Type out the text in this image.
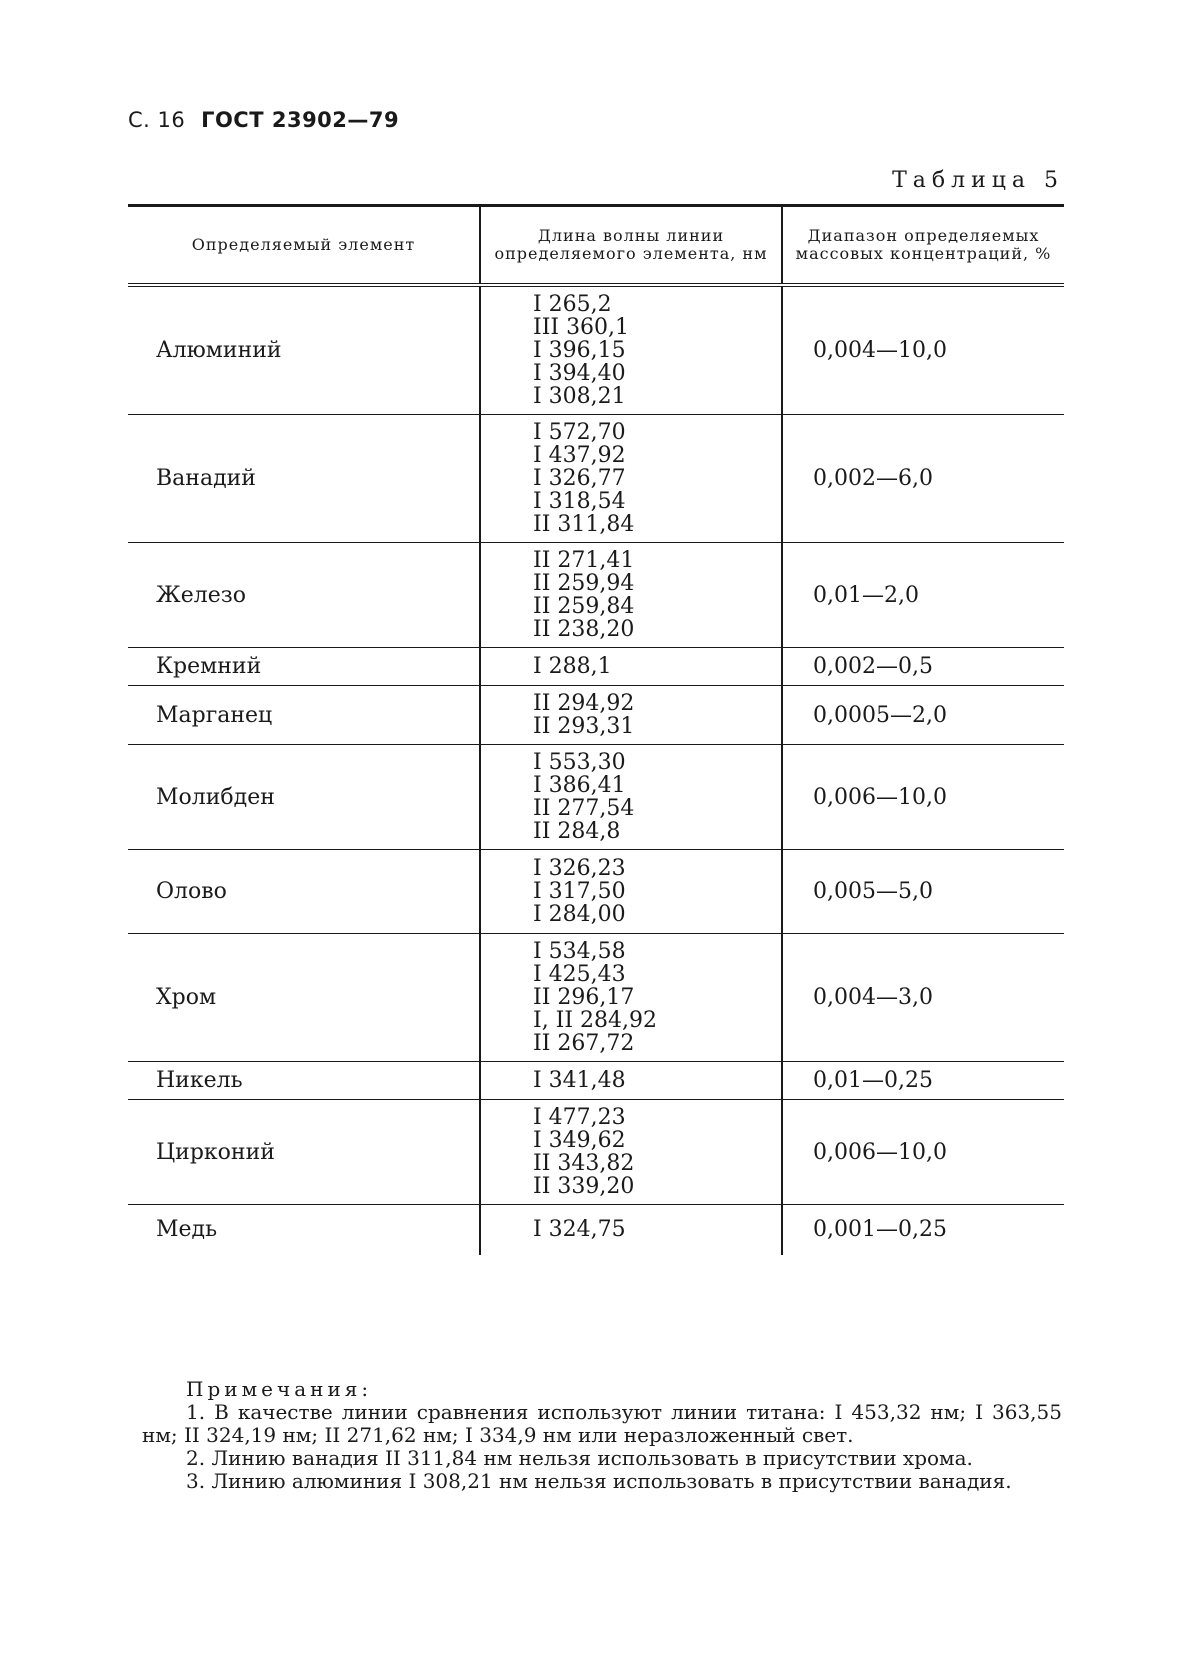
С. 16 ГОСТ 23902—79
Таблица 5
Определяемый элемент	Длина волны линии определяемого элемента, нм	Диапазон определяемых массовых концентраций, %
Алюминий	I 265,2
III 360,1
I 396,15
I 394,40
I 308,21	0,004—10,0
Ванадий	I 572,70
I 437,92
I 326,77
I 318,54
II 311,84	0,002—6,0
Железо	II 271,41
II 259,94
II 259,84
II 238,20	0,01—2,0
Кремний	I 288,1	0,002—0,5
Марганец	II 294,92
II 293,31	0,0005—2,0
Молибден	I 553,30
I 386,41
II 277,54
II 284,8	0,006—10,0
Олово	I 326,23
I 317,50
I 284,00	0,005—5,0
Хром	I 534,58
I 425,43
II 296,17
I, II 284,92
II 267,72	0,004—3,0
Никель	I 341,48	0,01—0,25
Цирконий	I 477,23
I 349,62
II 343,82
II 339,20	0,006—10,0
Медь	I 324,75	0,001—0,25
Примечания:
1. В качестве линии сравнения используют линии титана: I 453,32 нм; I 363,55 нм; II 324,19 нм; II 271,62 нм; I 334,9 нм или неразложенный свет.
2. Линию ванадия II 311,84 нм нельзя использовать в присутствии хрома.
3. Линию алюминия I 308,21 нм нельзя использовать в присутствии ванадия.
